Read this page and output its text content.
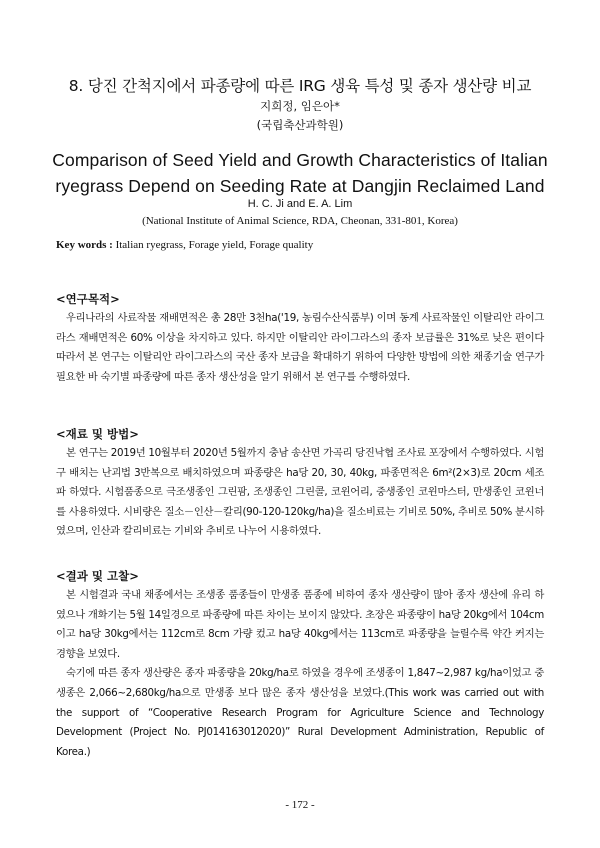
8. 당진 간척지에서 파종량에 따른 IRG 생육 특성 및 종자 생산량 비교
지희정, 임은아*
(국립축산과학원)
Comparison of Seed Yield and Growth Characteristics of Italian
ryegrass Depend on Seeding Rate at Dangjin Reclaimed Land
H. C. Ji and E. A. Lim
(National Institute of Animal Science, RDA, Cheonan, 331-801, Korea)
Key words : Italian ryegrass, Forage yield, Forage quality
<연구목적>

우리나라의 사료작물 재배면적은 총 28만 3천ha('19, 농림수산식품부) 이며 동계 사료작물인 이탈리안 라이그라스 재배면적은 60% 이상을 차지하고 있다. 하지만 이탈리안 라이그라스의 종자 보급률은 31%로 낮은 편이다 따라서 본 연구는 이탈리안 라이그라스의 국산 종자 보급을 확대하기 위하여 다양한 방법에 의한 채종기술 연구가 필요한 바 숙기별 파종량에 따른 종자 생산성을 알기 위해서 본 연구를 수행하였다.

<재료 및 방법>

본 연구는 2019년 10월부터 2020년 5월까지 충남 송산면 가곡리 당진낙협 조사료 포장에서 수행하였다. 시험구 배치는 난괴법 3반복으로 배치하였으며 파종량은 ha당 20, 30, 40kg, 파종면적은 6m²(2×3)로 20cm 세조파 하였다. 시험품종으로 극조생종인 그린팜, 조생종인 그린콜, 코윈어리, 중생종인 코윈마스터, 만생종인 코윈너를 사용하였다. 시비량은 질소－인산－칼리(90-120-120kg/ha)을 질소비료는 기비로 50%, 추비로 50% 분시하였으며, 인산과 칼리비료는 기비와 추비로 나누어 시용하였다.

<결과 및 고찰>

본 시험결과 국내 채종에서는 조생종 품종들이 만생종 품종에 비하여 종자 생산량이 많아 종자 생산에 유리 하였으나 개화기는 5월 14일경으로 파종량에 따른 차이는 보이지 않았다. 초장은 파종량이 ha당 20kg에서 104cm이고 ha당 30kg에서는 112cm로 8cm 가량 컸고 ha당 40kg에서는 113cm로 파종량을 늘릴수록 약간 커지는 경향을 보였다.

숙기에 따른 종자 생산량은 종자 파종량을 20kg/ha로 하였을 경우에 조생종이 1,847∼2,987 kg/ha이었고 중생종은 2,066∼2,680kg/ha으로 만생종 보다 많은 종자 생산성을 보였다.(This work was carried out with the support of “Cooperative Research Program for Agriculture Science and Technology Development (Project No. PJ014163012020)” Rural Development Administration, Republic of Korea.)

- 172 -
